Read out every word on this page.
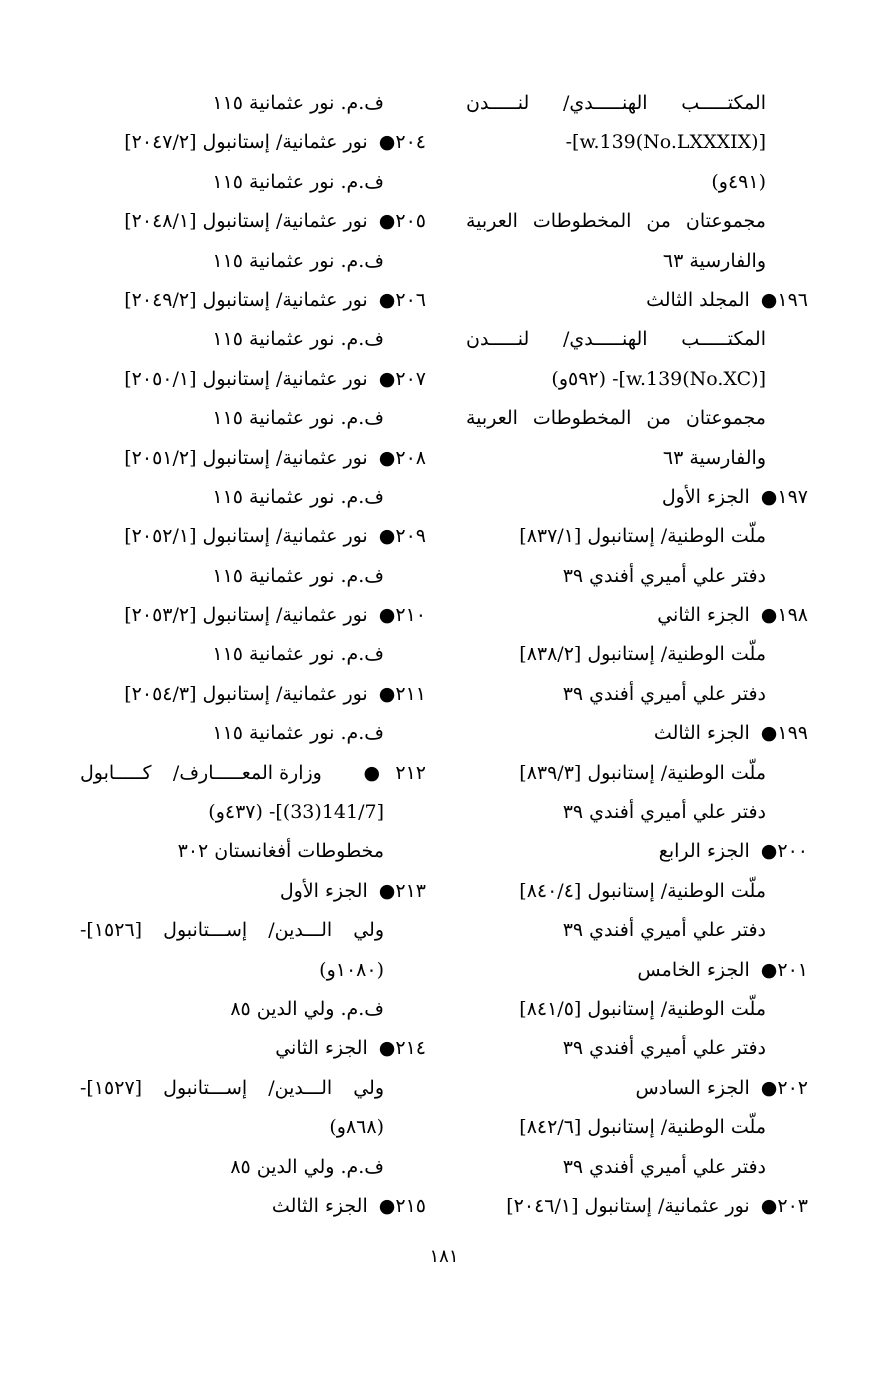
المكتـــــب الهنـــــدي/ لنـــــدن
[w.139(No.LXXXIX)]-
(٤٩١و)
مجموعتان من المخطوطات العربية
والفارسية ٦٣
١٩٦● المجلد الثالث
المكتـــــب الهنـــــدي/ لنـــــدن
[w.139(No.XC)]- (٥٩٢و)
مجموعتان من المخطوطات العربية
والفارسية ٦٣
١٩٧● الجزء الأول
ملّت الوطنية/ إستانبول [٨٣٧/١]
دفتر علي أميري أفندي ٣٩
١٩٨● الجزء الثاني
ملّت الوطنية/ إستانبول [٨٣٨/٢]
دفتر علي أميري أفندي ٣٩
١٩٩● الجزء الثالث
ملّت الوطنية/ إستانبول [٨٣٩/٣]
دفتر علي أميري أفندي ٣٩
٢٠٠● الجزء الرابع
ملّت الوطنية/ إستانبول [٨٤٠/٤]
دفتر علي أميري أفندي ٣٩
٢٠١● الجزء الخامس
ملّت الوطنية/ إستانبول [٨٤١/٥]
دفتر علي أميري أفندي ٣٩
٢٠٢● الجزء السادس
ملّت الوطنية/ إستانبول [٨٤٢/٦]
دفتر علي أميري أفندي ٣٩
٢٠٣● نور عثمانية/ إستانبول [٢٠٤٦/١]
ف.م. نور عثمانية ١١٥
٢٠٤● نور عثمانية/ إستانبول [٢٠٤٧/٢]
ف.م. نور عثمانية ١١٥
٢٠٥● نور عثمانية/ إستانبول [٢٠٤٨/١]
ف.م. نور عثمانية ١١٥
٢٠٦● نور عثمانية/ إستانبول [٢٠٤٩/٢]
ف.م. نور عثمانية ١١٥
٢٠٧● نور عثمانية/ إستانبول [٢٠٥٠/١]
ف.م. نور عثمانية ١١٥
٢٠٨● نور عثمانية/ إستانبول [٢٠٥١/٢]
ف.م. نور عثمانية ١١٥
٢٠٩● نور عثمانية/ إستانبول [٢٠٥٢/١]
ف.م. نور عثمانية ١١٥
٢١٠● نور عثمانية/ إستانبول [٢٠٥٣/٢]
ف.م. نور عثمانية ١١٥
٢١١● نور عثمانية/ إستانبول [٢٠٥٤/٣]
ف.م. نور عثمانية ١١٥
٢١٢● وزارة المعـــــارف/ كـــــابول
[141/7(33)]- (٤٣٧و)
مخطوطات أفغانستان ٣٠٢
٢١٣● الجزء الأول
ولي الـــدين/ إســـتانبول [١٥٢٦]-
(١٠٨٠و)
ف.م. ولي الدين ٨٥
٢١٤● الجزء الثاني
ولي الـــدين/ إســـتانبول [١٥٢٧]-
(٨٦٨و)
ف.م. ولي الدين ٨٥
٢١٥● الجزء الثالث
١٨١
